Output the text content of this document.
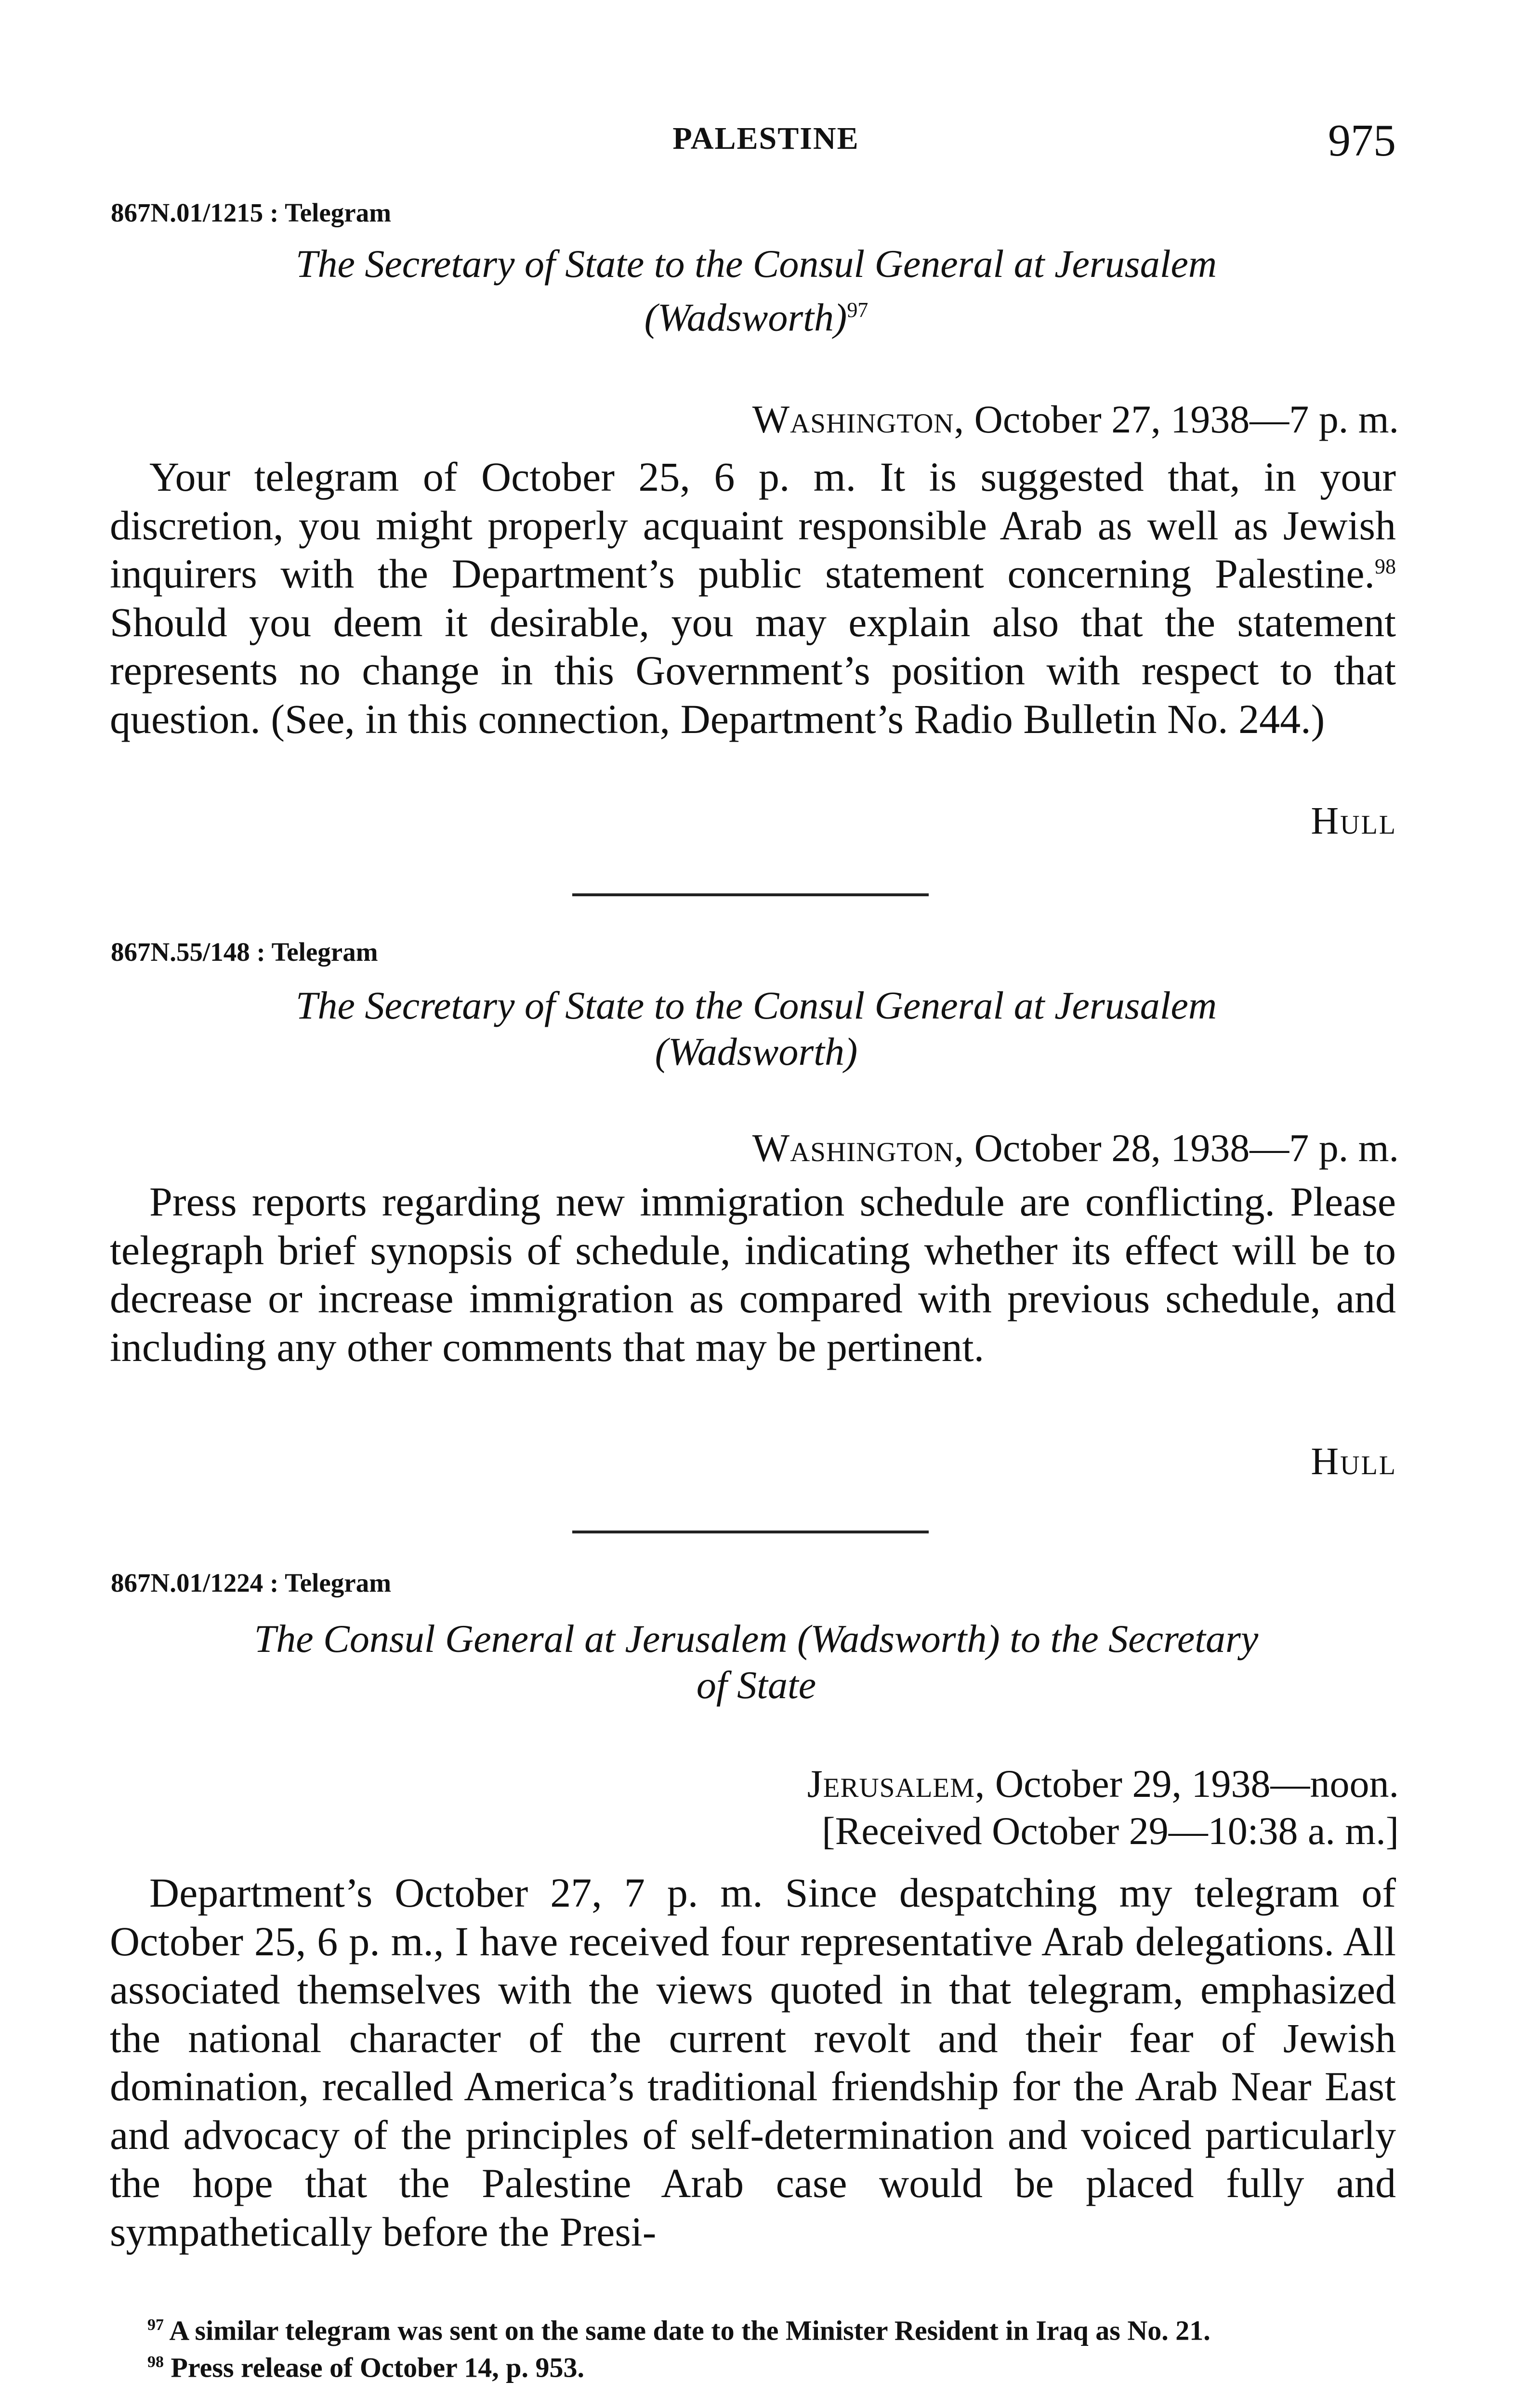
PALESTINE	975
867N.01/1215 : Telegram
The Secretary of State to the Consul General at Jerusalem
(Wadsworth)$^{97}$
Washington, October 27, 1938—7 p. m.

Your telegram of October 25, 6 p. m. It is suggested that, in your discretion, you might properly acquaint responsible Arab as well as Jewish inquirers with the Department’s public statement concerning Palestine.$^{98}$ Should you deem it desirable, you may explain also that the statement represents no change in this Government’s position with respect to that question. (See, in this connection, Department’s Radio Bulletin No. 244.)

Hull
867N.55/148 : Telegram
The Secretary of State to the Consul General at Jerusalem
(Wadsworth)
Washington, October 28, 1938—7 p. m.

Press reports regarding new immigration schedule are conflicting. Please telegraph brief synopsis of schedule, indicating whether its effect will be to decrease or increase immigration as compared with previous schedule, and including any other comments that may be pertinent.

Hull
867N.01/1224 : Telegram
The Consul General at Jerusalem (Wadsworth) to the Secretary
of State
Jerusalem, October 29, 1938—noon.
[Received October 29—10:38 a. m.]

Department’s October 27, 7 p. m. Since despatching my telegram of October 25, 6 p. m., I have received four representative Arab delegations. All associated themselves with the views quoted in that telegram, emphasized the national character of the current revolt and their fear of Jewish domination, recalled America’s traditional friendship for the Arab Near East and advocacy of the principles of self-determination and voiced particularly the hope that the Palestine Arab case would be placed fully and sympathetically before the Presi-

$^{97}$ A similar telegram was sent on the same date to the Minister Resident in Iraq as No. 21.

$^{98}$ Press release of October 14, p. 953.
